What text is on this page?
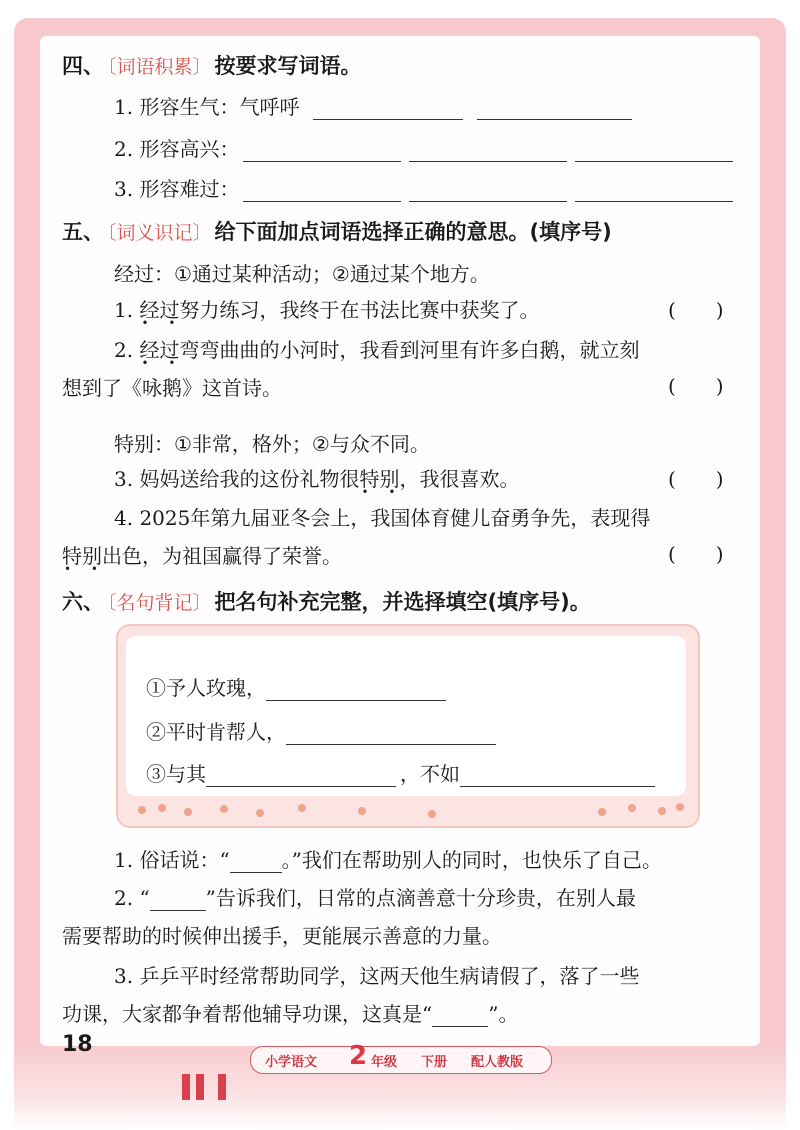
四、 〔词语积累〕 按要求写词语。
1. 形容生气：气呼呼
2. 形容高兴：
3. 形容难过：
五、 〔词义识记〕 给下面加点词语选择正确的意思。(填序号)
经过：①通过某种活动；②通过某个地方。
1. 经过 • •努力练习，我终于在书法比赛中获奖了。	(　　)
2. 经过 • •弯弯曲曲的小河时，我看到河里有许多白鹅，就立刻
想到了《咏鹅》这首诗。	(　　)
特别：①非常，格外；②与众不同。
3. 妈妈送给我的这份礼物很特别 • •，我很喜欢。	(　　)
4. 2025年第九届亚冬会上，我国体育健儿奋勇争先，表现得
特别 • •出色，为祖国赢得了荣誉。	(　　)
六、 〔名句背记〕 把名句补充完整，并选择填空(填序号)。
①予人玫瑰，
②平时肯帮人，
③与其	，不如
1. 俗话说：“	。”我们在帮助别人的同时，也快乐了自己。
2. “	”告诉我们，日常的点滴善意十分珍贵，在别人最
需要帮助的时候伸出援手，更能展示善意的力量。
3. 乒乒平时经常帮助同学，这两天他生病请假了，落了一些
功课，大家都争着帮他辅导功课，这真是“	”。
18
小学语文 2 年级 下册 配人教版
